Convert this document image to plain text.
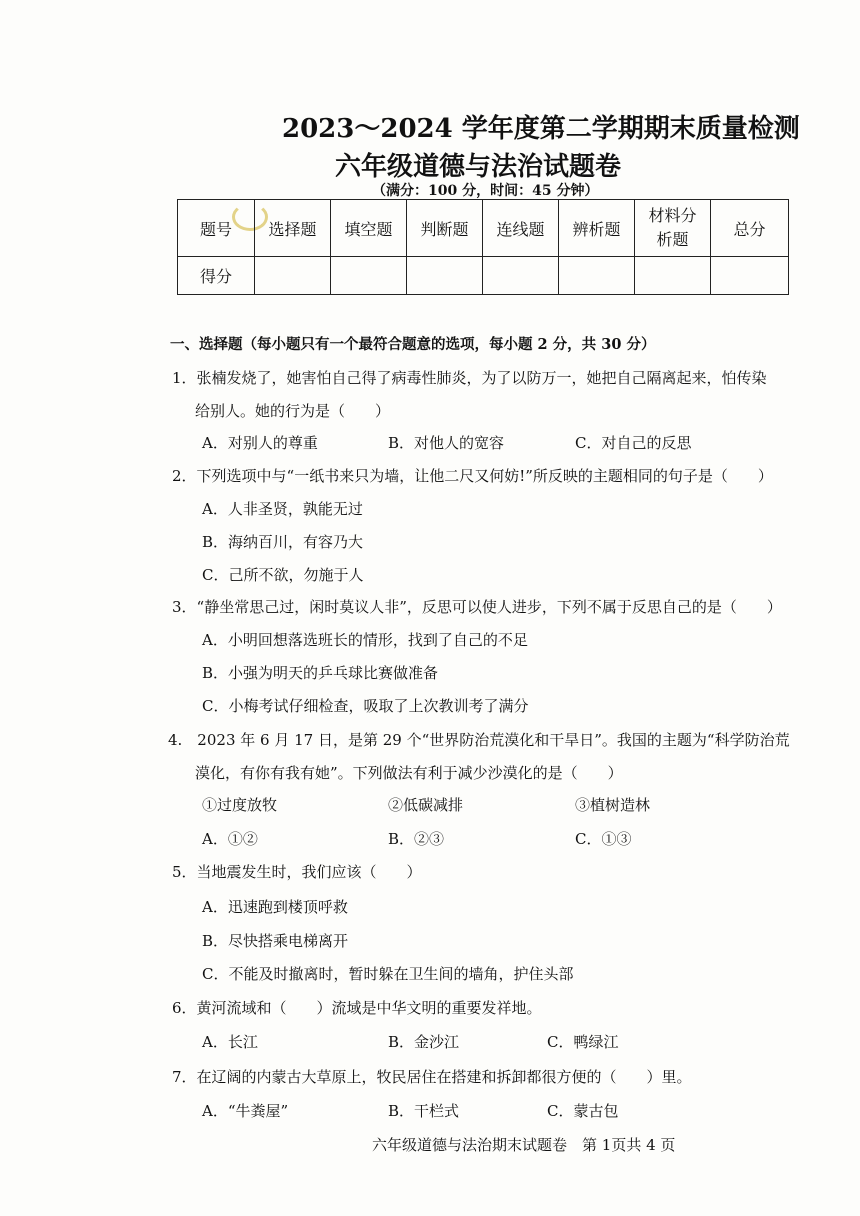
2023～2024 学年度第二学期期末质量检测
六年级道德与法治试题卷
（满分：100 分，时间：45 分钟）
题号	选择题	填空题	判断题	连线题	辨析题	材料分析题	总分
得分							
一、选择题（每小题只有一个最符合题意的选项，每小题 2 分，共 30 分）
1．张楠发烧了，她害怕自己得了病毒性肺炎，为了以防万一，她把自己隔离起来，怕传染
给别人。她的行为是（　　）
A．对别人的尊重	B．对他人的宽容	C．对自己的反思
2．下列选项中与“一纸书来只为墙，让他二尺又何妨!”所反映的主题相同的句子是（　　）
A．人非圣贤，孰能无过
B．海纳百川，有容乃大
C．己所不欲，勿施于人
3．“静坐常思己过，闲时莫议人非”，反思可以使人进步，下列不属于反思自己的是（　　）
A．小明回想落选班长的情形，找到了自己的不足
B．小强为明天的乒乓球比赛做准备
C．小梅考试仔细检查，吸取了上次教训考了满分
4.　2023 年 6 月 17 日，是第 29 个“世界防治荒漠化和干旱日”。我国的主题为“科学防治荒
漠化，有你有我有她”。下列做法有利于减少沙漠化的是（　　）
①过度放牧	②低碳减排	③植树造林
A．①②	B．②③	C．①③
5．当地震发生时，我们应该（　　）
A．迅速跑到楼顶呼救
B．尽快搭乘电梯离开
C．不能及时撤离时，暂时躲在卫生间的墙角，护住头部
6．黄河流域和（　　）流域是中华文明的重要发祥地。
A．长江	B．金沙江	C．鸭绿江
7．在辽阔的内蒙古大草原上，牧民居住在搭建和拆卸都很方便的（　　）里。
A．“牛粪屋”	B．干栏式	C．蒙古包
六年级道德与法治期末试题卷　第 1页共 4 页
